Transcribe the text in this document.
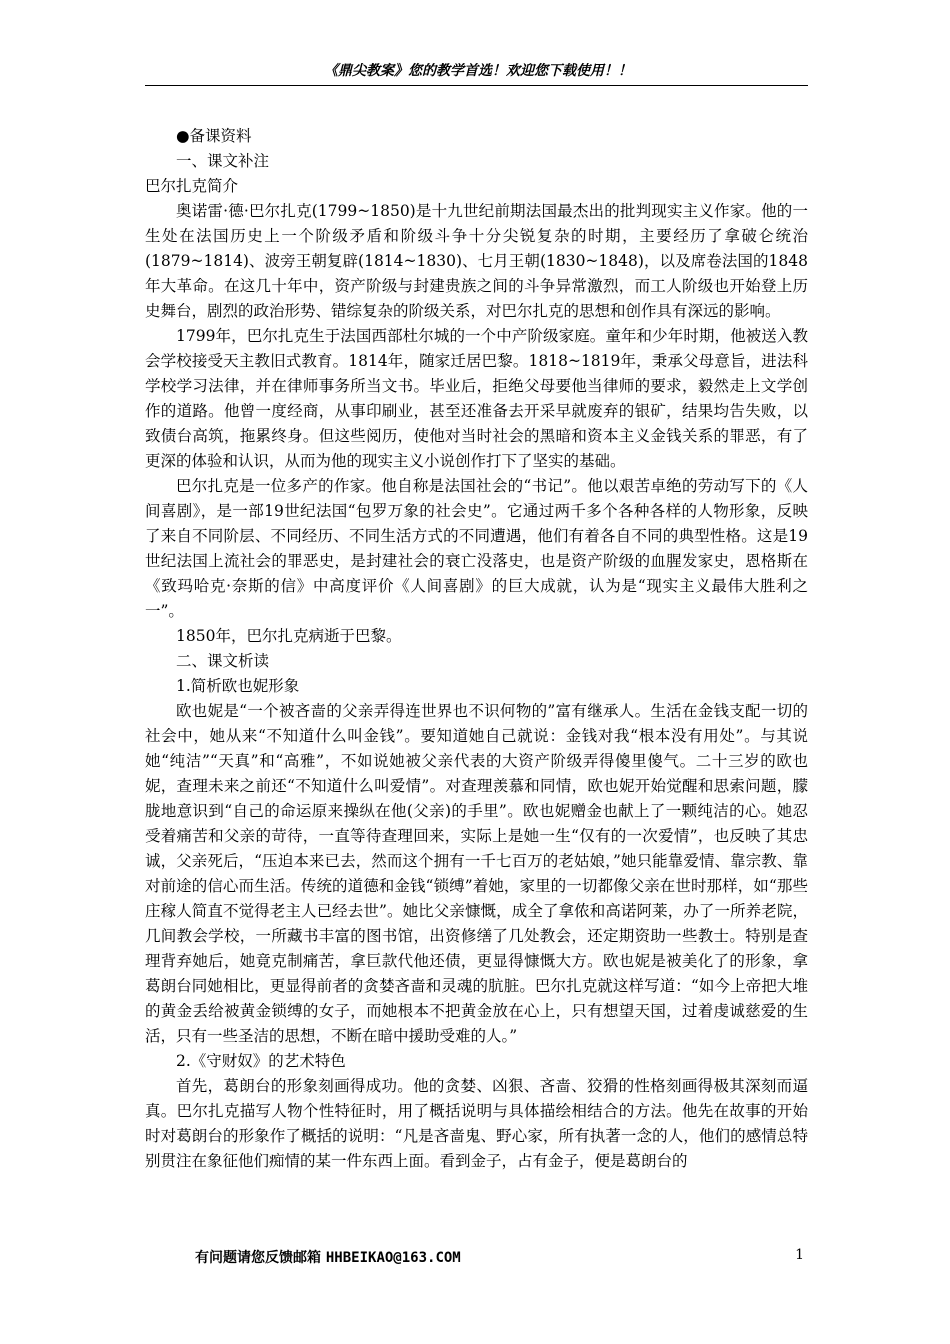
《鼎尖教案》您的教学首选！欢迎您下载使用！！

●备课资料

一、课文补注

巴尔扎克简介

奥诺雷·德·巴尔扎克(1799~1850)是十九世纪前期法国最杰出的批判现实主义作家。他的一生处在法国历史上一个阶级矛盾和阶级斗争十分尖锐复杂的时期，主要经历了拿破仑统治(1879~1814)、波旁王朝复辟(1814~1830)、七月王朝(1830~1848)，以及席卷法国的1848年大革命。在这几十年中，资产阶级与封建贵族之间的斗争异常激烈，而工人阶级也开始登上历史舞台，剧烈的政治形势、错综复杂的阶级关系，对巴尔扎克的思想和创作具有深远的影响。

1799年，巴尔扎克生于法国西部杜尔城的一个中产阶级家庭。童年和少年时期，他被送入教会学校接受天主教旧式教育。1814年，随家迁居巴黎。1818~1819年，秉承父母意旨，进法科学校学习法律，并在律师事务所当文书。毕业后，拒绝父母要他当律师的要求，毅然走上文学创作的道路。他曾一度经商，从事印刷业，甚至还准备去开采早就废弃的银矿，结果均告失败，以致债台高筑，拖累终身。但这些阅历，使他对当时社会的黑暗和资本主义金钱关系的罪恶，有了更深的体验和认识，从而为他的现实主义小说创作打下了坚实的基础。

巴尔扎克是一位多产的作家。他自称是法国社会的“书记”。他以艰苦卓绝的劳动写下的《人间喜剧》，是一部19世纪法国“包罗万象的社会史”。它通过两千多个各种各样的人物形象，反映了来自不同阶层、不同经历、不同生活方式的不同遭遇，他们有着各自不同的典型性格。这是19世纪法国上流社会的罪恶史，是封建社会的衰亡没落史，也是资产阶级的血腥发家史，恩格斯在《致玛哈克·奈斯的信》中高度评价《人间喜剧》的巨大成就，认为是“现实主义最伟大胜利之一”。

1850年，巴尔扎克病逝于巴黎。

二、课文析读

1.简析欧也妮形象

欧也妮是“一个被吝啬的父亲弄得连世界也不识何物的”富有继承人。生活在金钱支配一切的社会中，她从来“不知道什么叫金钱”。要知道她自己就说：金钱对我“根本没有用处”。与其说她“纯洁”“天真”和“高雅”，不如说她被父亲代表的大资产阶级弄得傻里傻气。二十三岁的欧也妮，查理未来之前还“不知道什么叫爱情”。对查理羡慕和同情，欧也妮开始觉醒和思索问题，朦胧地意识到“自己的命运原来操纵在他(父亲)的手里”。欧也妮赠金也献上了一颗纯洁的心。她忍受着痛苦和父亲的苛待，一直等待查理回来，实际上是她一生“仅有的一次爱情”，也反映了其忠诚，父亲死后，“压迫本来已去，然而这个拥有一千七百万的老姑娘，”她只能靠爱情、靠宗教、靠对前途的信心而生活。传统的道德和金钱“锁缚”着她，家里的一切都像父亲在世时那样，如“那些庄稼人简直不觉得老主人已经去世”。她比父亲慷慨，成全了拿侬和高诺阿莱，办了一所养老院，几间教会学校，一所藏书丰富的图书馆，出资修缮了几处教会，还定期资助一些教士。特别是查理背弃她后，她竟克制痛苦，拿巨款代他还债，更显得慷慨大方。欧也妮是被美化了的形象，拿葛朗台同她相比，更显得前者的贪婪吝啬和灵魂的肮脏。巴尔扎克就这样写道：“如今上帝把大堆的黄金丢给被黄金锁缚的女子，而她根本不把黄金放在心上，只有想望天国，过着虔诚慈爱的生活，只有一些圣洁的思想，不断在暗中援助受难的人。”

2.《守财奴》的艺术特色

首先，葛朗台的形象刻画得成功。他的贪婪、凶狠、吝啬、狡猾的性格刻画得极其深刻而逼真。巴尔扎克描写人物个性特征时，用了概括说明与具体描绘相结合的方法。他先在故事的开始时对葛朗台的形象作了概括的说明：“凡是吝啬鬼、野心家，所有执著一念的人，他们的感情总特别贯注在象征他们痴情的某一件东西上面。看到金子，占有金子，便是葛朗台的

有问题请您反馈邮箱 HHBEIKAO@163.COM	1
